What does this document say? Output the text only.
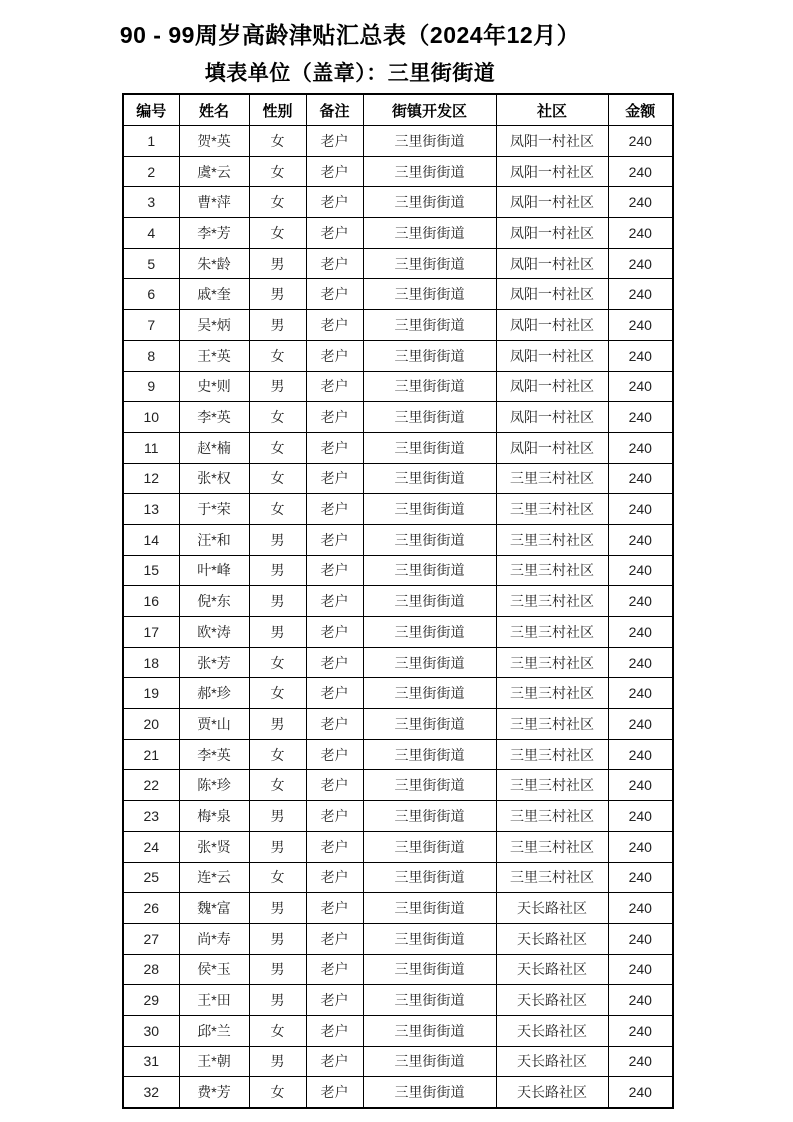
90 - 99周岁高龄津贴汇总表（2024年12月）
填表单位（盖章）：三里街街道
编号	姓名	性别	备注	街镇开发区	社区	金额
1	贺*英	女	老户	三里街街道	凤阳一村社区	240
2	虞*云	女	老户	三里街街道	凤阳一村社区	240
3	曹*萍	女	老户	三里街街道	凤阳一村社区	240
4	李*芳	女	老户	三里街街道	凤阳一村社区	240
5	朱*龄	男	老户	三里街街道	凤阳一村社区	240
6	戚*奎	男	老户	三里街街道	凤阳一村社区	240
7	吴*炳	男	老户	三里街街道	凤阳一村社区	240
8	王*英	女	老户	三里街街道	凤阳一村社区	240
9	史*则	男	老户	三里街街道	凤阳一村社区	240
10	李*英	女	老户	三里街街道	凤阳一村社区	240
11	赵*楠	女	老户	三里街街道	凤阳一村社区	240
12	张*权	女	老户	三里街街道	三里三村社区	240
13	于*荣	女	老户	三里街街道	三里三村社区	240
14	汪*和	男	老户	三里街街道	三里三村社区	240
15	叶*峰	男	老户	三里街街道	三里三村社区	240
16	倪*东	男	老户	三里街街道	三里三村社区	240
17	欧*涛	男	老户	三里街街道	三里三村社区	240
18	张*芳	女	老户	三里街街道	三里三村社区	240
19	郝*珍	女	老户	三里街街道	三里三村社区	240
20	贾*山	男	老户	三里街街道	三里三村社区	240
21	李*英	女	老户	三里街街道	三里三村社区	240
22	陈*珍	女	老户	三里街街道	三里三村社区	240
23	梅*泉	男	老户	三里街街道	三里三村社区	240
24	张*贤	男	老户	三里街街道	三里三村社区	240
25	连*云	女	老户	三里街街道	三里三村社区	240
26	魏*富	男	老户	三里街街道	天长路社区	240
27	尚*寿	男	老户	三里街街道	天长路社区	240
28	侯*玉	男	老户	三里街街道	天长路社区	240
29	王*田	男	老户	三里街街道	天长路社区	240
30	邱*兰	女	老户	三里街街道	天长路社区	240
31	王*朝	男	老户	三里街街道	天长路社区	240
32	费*芳	女	老户	三里街街道	天长路社区	240
